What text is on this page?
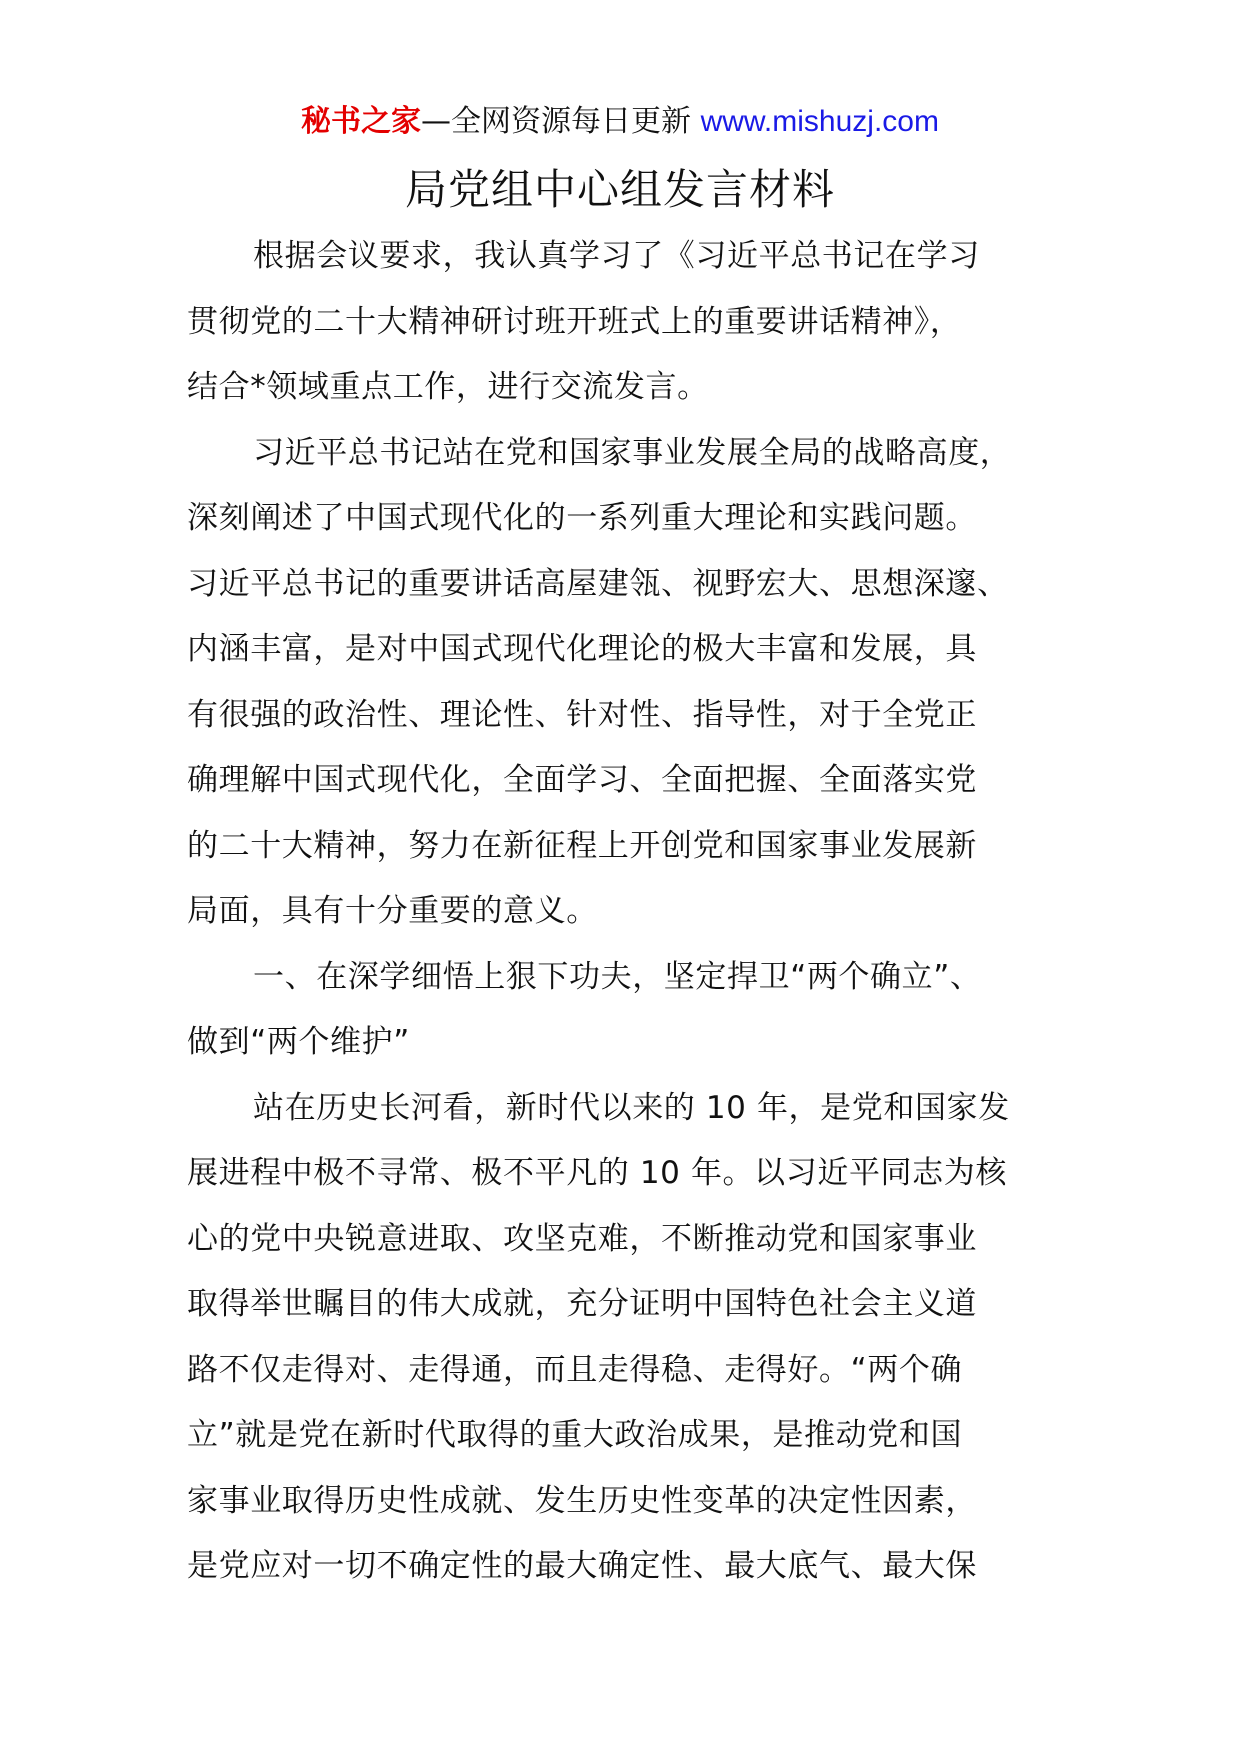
秘书之家—全网资源每日更新 www.mishuzj.com
局党组中心组发言材料
根据会议要求，我认真学习了《习近平总书记在学习
贯彻党的二十大精神研讨班开班式上的重要讲话精神》，
结合*领域重点工作，进行交流发言。
习近平总书记站在党和国家事业发展全局的战略高度，
深刻阐述了中国式现代化的一系列重大理论和实践问题。
习近平总书记的重要讲话高屋建瓴、视野宏大、思想深邃、
内涵丰富，是对中国式现代化理论的极大丰富和发展，具
有很强的政治性、理论性、针对性、指导性，对于全党正
确理解中国式现代化，全面学习、全面把握、全面落实党
的二十大精神，努力在新征程上开创党和国家事业发展新
局面，具有十分重要的意义。
一、在深学细悟上狠下功夫，坚定捍卫“两个确立”、
做到“两个维护”
站在历史长河看，新时代以来的 10 年，是党和国家发
展进程中极不寻常、极不平凡的 10 年。以习近平同志为核
心的党中央锐意进取、攻坚克难，不断推动党和国家事业
取得举世瞩目的伟大成就，充分证明中国特色社会主义道
路不仅走得对、走得通，而且走得稳、走得好。“两个确
立”就是党在新时代取得的重大政治成果，是推动党和国
家事业取得历史性成就、发生历史性变革的决定性因素，
是党应对一切不确定性的最大确定性、最大底气、最大保
